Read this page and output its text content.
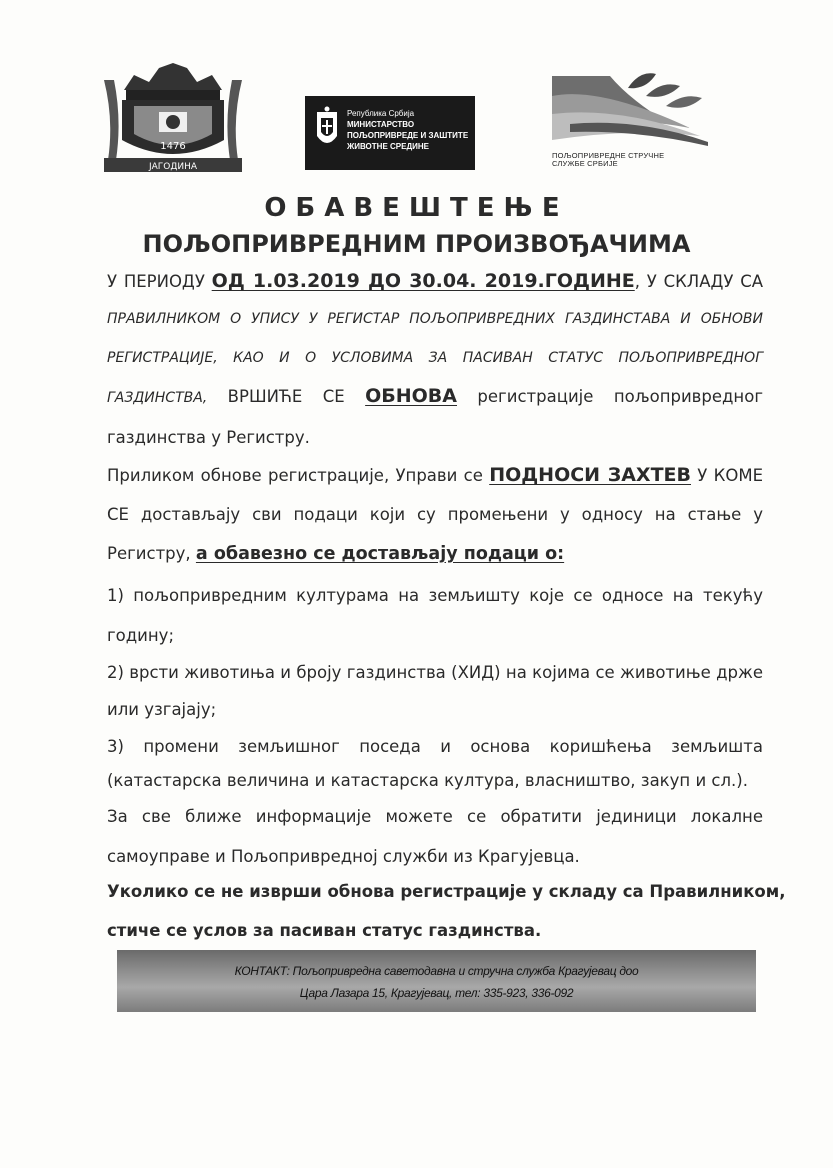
1476
ЈАГОДИНА
Република Србија
МИНИСТАРСТВО
ПОЉОПРИВРЕДЕ И ЗАШТИТЕ
ЖИВОТНЕ СРЕДИНЕ
ПОЉОПРИВРЕДНЕ СТРУЧНЕ
СЛУЖБЕ СРБИЈЕ
ОБАВЕШТЕЊЕ
ПОЉОПРИВРЕДНИМ ПРОИЗВОЂАЧИМА
У ПЕРИОДУ ОД 1.03.2019 ДО 30.04. 2019.ГОДИНЕ, У СКЛАДУ СА
ПРАВИЛНИКОМ О УПИСУ У РЕГИСТАР ПОЉОПРИВРЕДНИХ ГАЗДИНСТАВА И ОБНОВИ
РЕГИСТРАЦИЈЕ, КАО И О УСЛОВИМА ЗА ПАСИВАН СТАТУС ПОЉОПРИВРЕДНОГ
ГАЗДИНСТВА, ВРШИЋЕ СЕ ОБНОВА регистрације пољопривредног
газдинства у Регистру.
Приликом обнове регистрације, Управи се ПОДНОСИ ЗАХТЕВ У КОМЕ
СЕ достављају сви подаци који су промењени у односу на стање у
Регистру, а обавезно се достављају подаци о:
1) пољопривредним културама на земљишту које се односе на текућу
годину;
2) врсти животиња и броју газдинства (ХИД) на којима се животиње држе
или узгајају;
3) промени земљишног поседа и основа коришћења земљишта
(катастарска величина и катастарска култура, власништво, закуп и сл.).
За све ближе информације можете се обратити јединици локалне
самоуправе и Пољопривредној служби из Крагујевца.
Уколико се не изврши обнова регистрације у складу са Правилником,
стиче се услов за пасиван статус газдинства.
КОНТАКТ: Пољопривредна саветодавна и стручна служба Крагујевац доо
Цара Лазара 15, Крагујевац, тел: 335-923, 336-092
